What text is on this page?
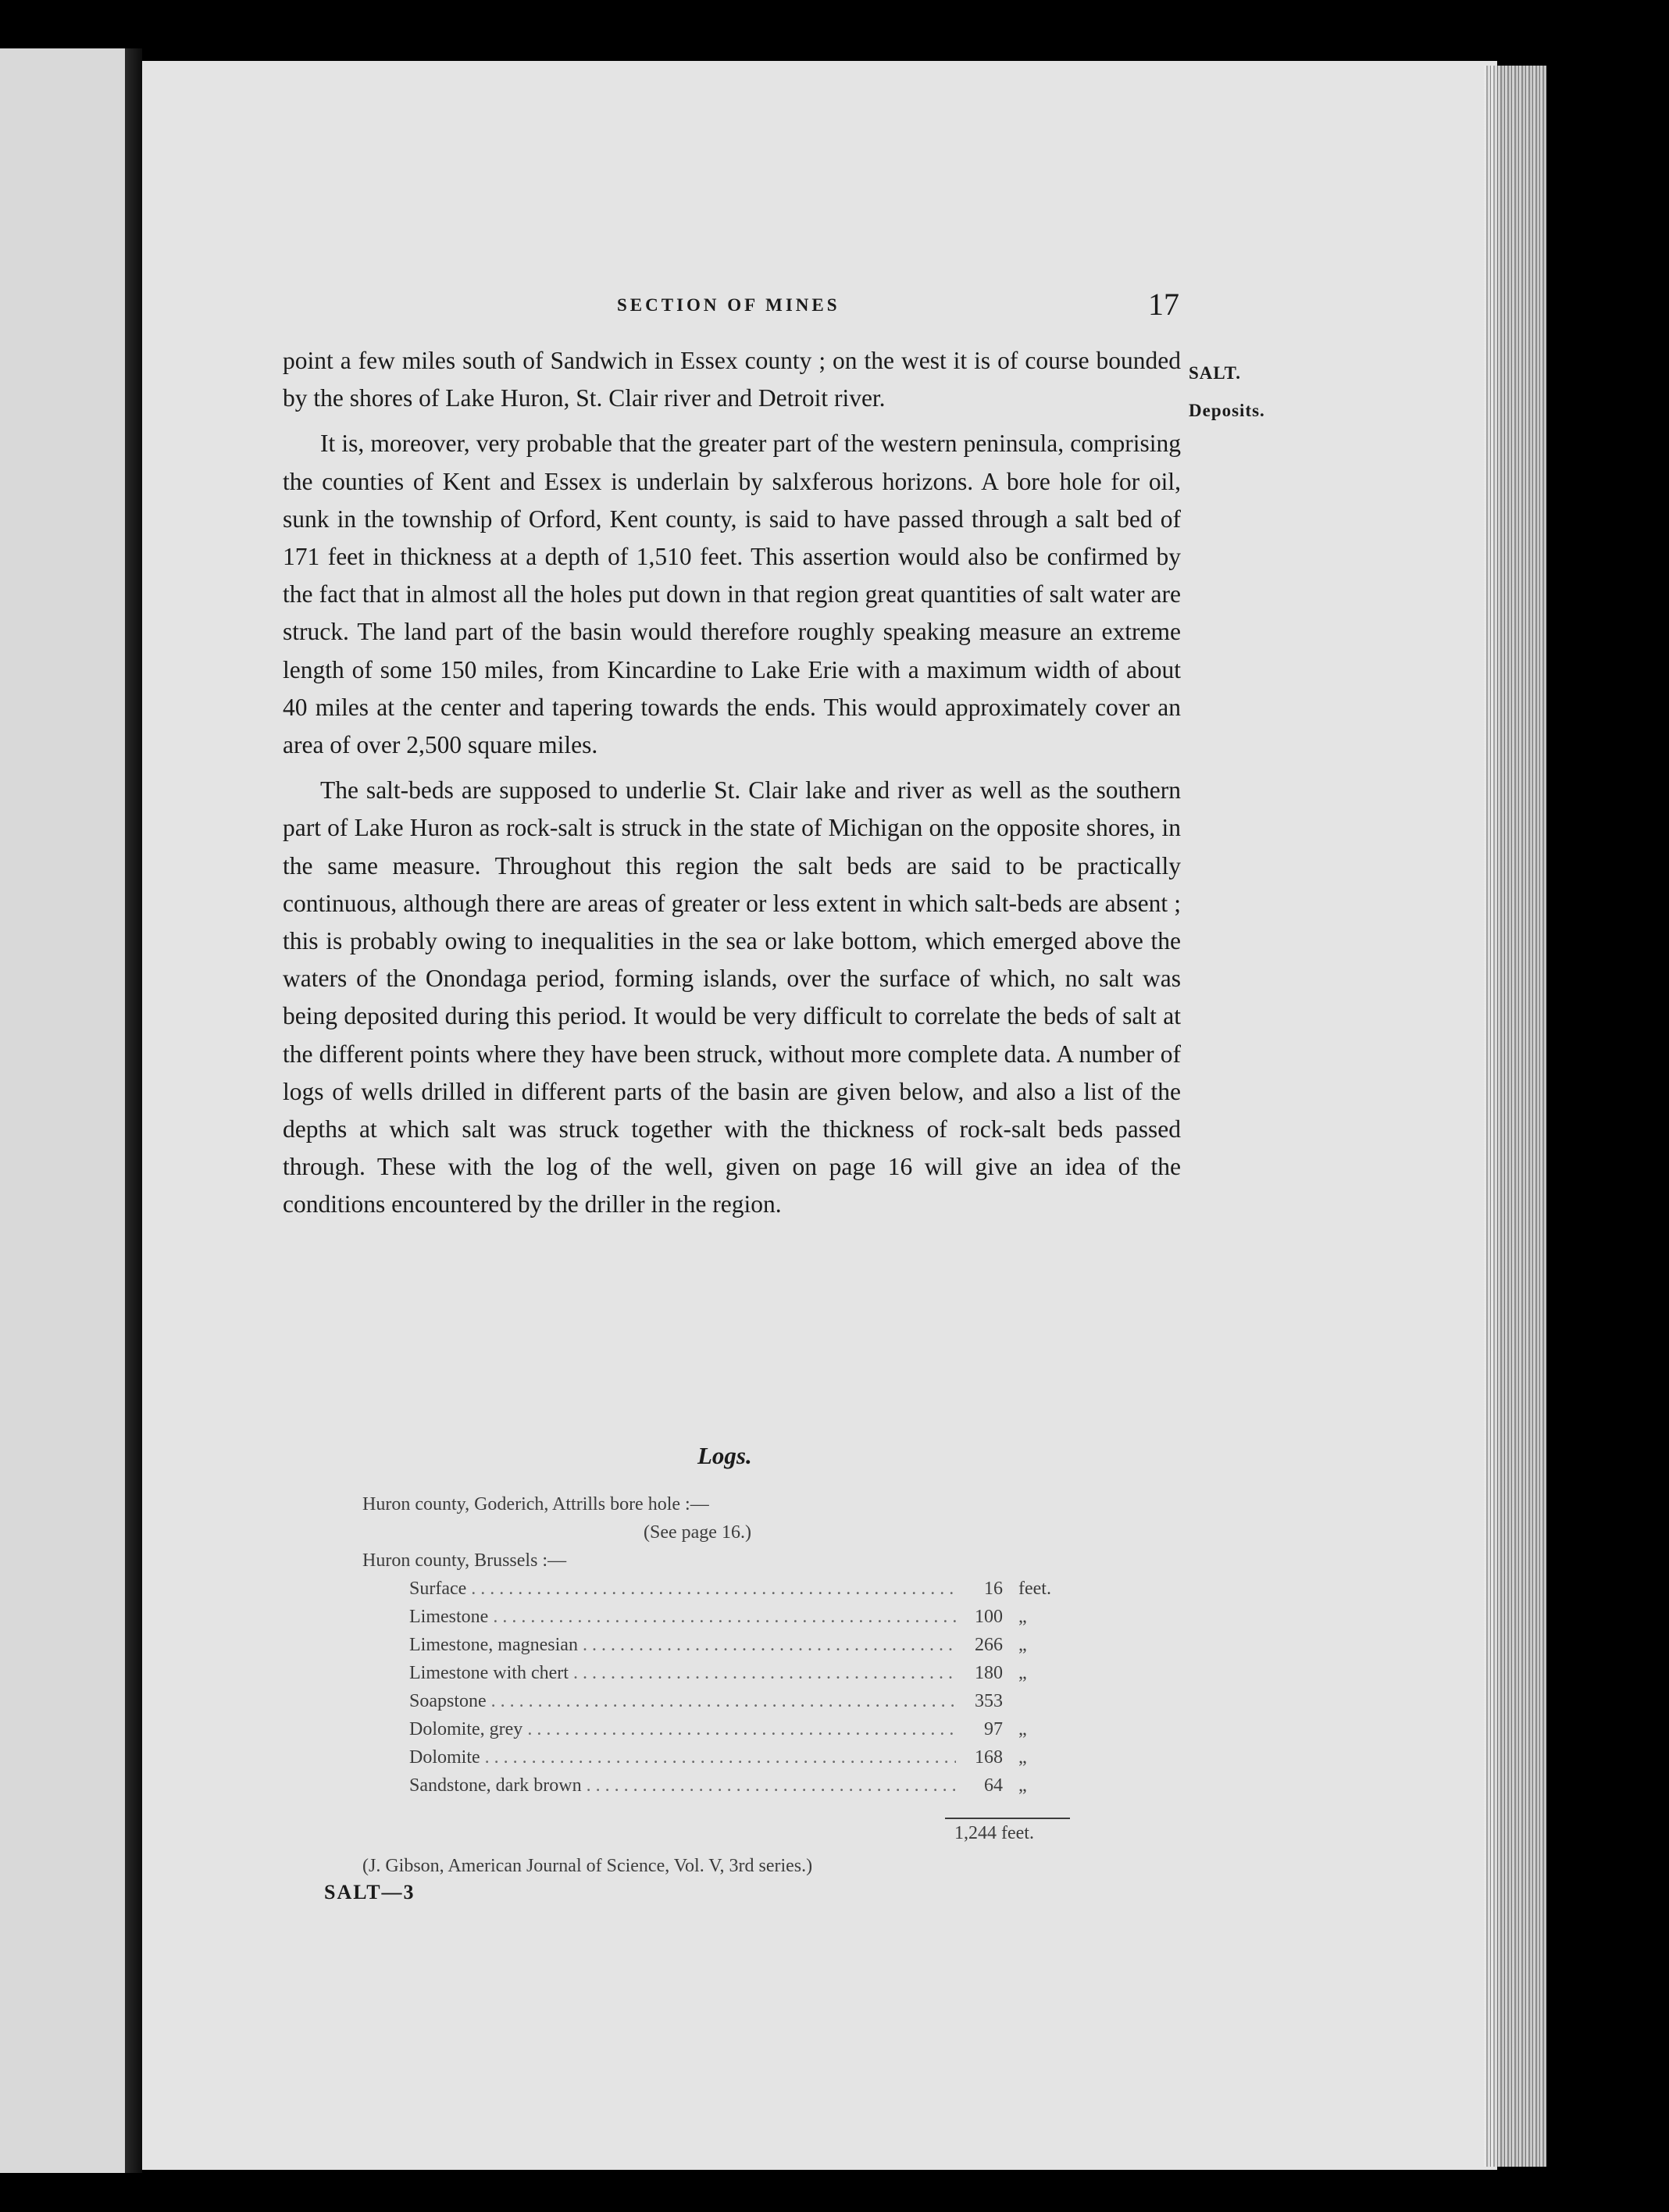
SECTION OF MINES	17
SALT.
Deposits.

point a few miles south of Sandwich in Essex county ; on the west it is of course bounded by the shores of Lake Huron, St. Clair river and Detroit river.

It is, moreover, very probable that the greater part of the western peninsula, comprising the counties of Kent and Essex is underlain by salxferous horizons. A bore hole for oil, sunk in the township of Orford, Kent county, is said to have passed through a salt bed of 171 feet in thickness at a depth of 1,510 feet. This assertion would also be confirmed by the fact that in almost all the holes put down in that region great quantities of salt water are struck. The land part of the basin would therefore roughly speaking measure an extreme length of some 150 miles, from Kincardine to Lake Erie with a maximum width of about 40 miles at the center and tapering towards the ends. This would approximately cover an area of over 2,500 square miles.

The salt-beds are supposed to underlie St. Clair lake and river as well as the southern part of Lake Huron as rock-salt is struck in the state of Michigan on the opposite shores, in the same measure. Throughout this region the salt beds are said to be practically continuous, although there are areas of greater or less extent in which salt-beds are absent ; this is probably owing to inequalities in the sea or lake bottom, which emerged above the waters of the Onondaga period, forming islands, over the surface of which, no salt was being deposited during this period. It would be very difficult to correlate the beds of salt at the different points where they have been struck, without more complete data. A number of logs of wells drilled in different parts of the basin are given below, and also a list of the depths at which salt was struck together with the thickness of rock-salt beds passed through. These with the log of the well, given on page 16 will give an idea of the conditions encountered by the driller in the region.

Logs.
Huron county, Goderich, Attrills bore hole :—
(See page 16.)
Huron county, Brussels :—
Surface . . .	16 feet.
Limestone . . .	100 „
Limestone, magnesian . . .	266 „
Limestone with chert . . .	180 „
Soapstone . . .	353
Dolomite, grey . . .	97 „
Dolomite . . .	168 „
Sandstone, dark brown . . .	64 „
1,244 feet.
(J. Gibson, American Journal of Science, Vol. V, 3rd series.)
SALT—3
